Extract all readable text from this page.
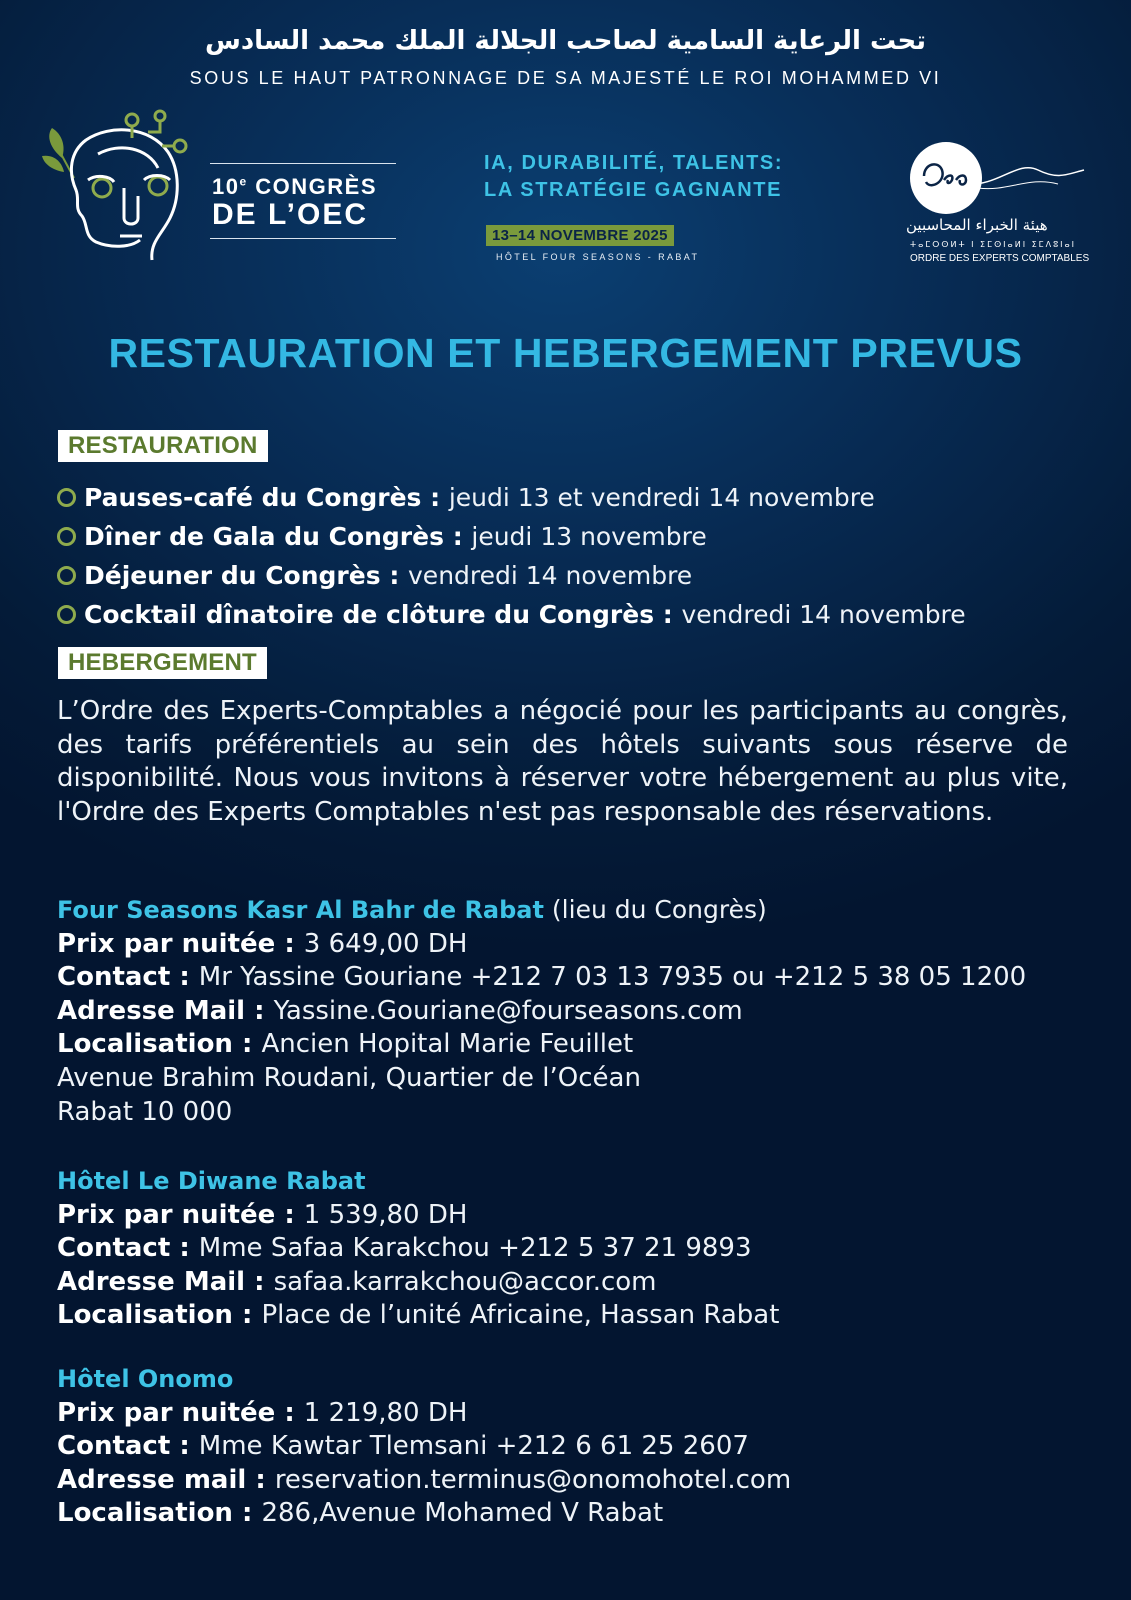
تحت الرعاية السامية لصاحب الجلالة الملك محمد السادس
SOUS LE HAUT PATRONNAGE DE SA MAJESTÉ LE ROI MOHAMMED VI
10e CONGRÈS
DE L’OEC
IA, DURABILITÉ, TALENTS:
LA STRATÉGIE GAGNANTE
13–14 NOVEMBRE 2025
HÔTEL FOUR SEASONS - RABAT
هيئة الخبراء المحاسبين
ⵜⴰⵎⵔⵙⵍⵜ ⵏ ⵉⵎⵙⵏⴰⵍⵏ ⵉⵎⴷⵓⵏⴰⵏ
ORDRE DES EXPERTS COMPTABLES
RESTAURATION ET HEBERGEMENT PREVUS
RESTAURATION
Pauses-café du Congrès : jeudi 13 et vendredi 14 novembre
Dîner de Gala du Congrès : jeudi 13 novembre
Déjeuner du Congrès : vendredi 14 novembre
Cocktail dînatoire de clôture du Congrès : vendredi 14 novembre
HEBERGEMENT
L’Ordre des Experts-Comptables a négocié pour les participants au congrès, des tarifs préférentiels au sein des hôtels suivants sous réserve de disponibilité. Nous vous invitons à réserver votre hébergement au plus vite, l'Ordre des Experts Comptables n'est pas responsable des réservations.
Four Seasons Kasr Al Bahr de Rabat (lieu du Congrès)
Prix par nuitée : 3 649,00 DH
Contact : Mr Yassine Gouriane +212 7 03 13 7935 ou +212 5 38 05 1200
Adresse Mail : Yassine.Gouriane@fourseasons.com
Localisation : Ancien Hopital Marie Feuillet
Avenue Brahim Roudani, Quartier de l’Océan
Rabat 10 000
Hôtel Le Diwane Rabat
Prix par nuitée : 1 539,80 DH
Contact : Mme Safaa Karakchou +212 5 37 21 9893
Adresse Mail : safaa.karrakchou@accor.com
Localisation : Place de l’unité Africaine, Hassan Rabat
Hôtel Onomo
Prix par nuitée : 1 219,80 DH
Contact : Mme Kawtar Tlemsani +212 6 61 25 2607
Adresse mail : reservation.terminus@onomohotel.com
Localisation : 286,Avenue Mohamed V Rabat
